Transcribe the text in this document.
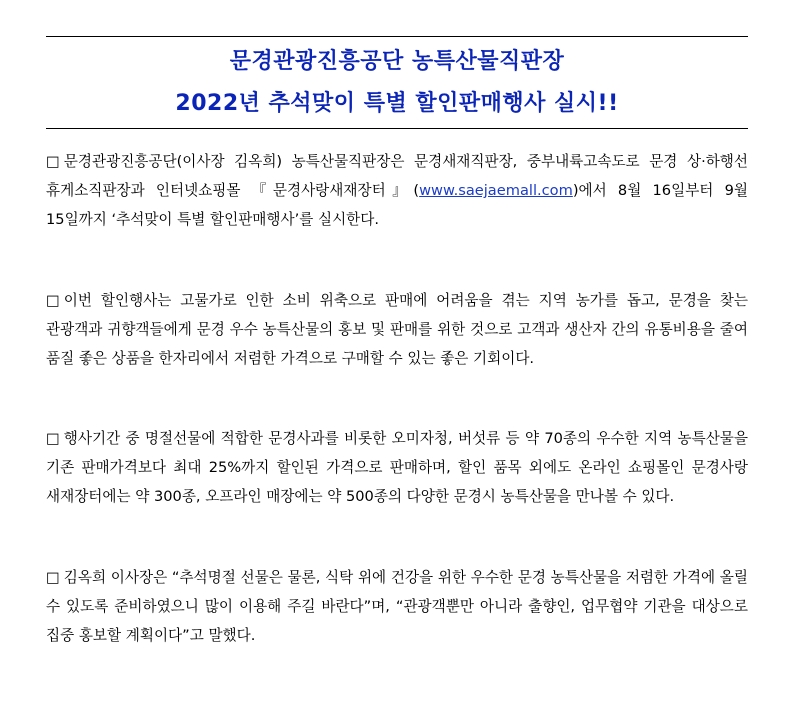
문경관광진흥공단 농특산물직판장
2022년 추석맞이 특별 할인판매행사 실시!!
□ 문경관광진흥공단(이사장 김옥희) 농특산물직판장은 문경새재직판장, 중부내륙고속도로 문경 상·하행선 휴게소직판장과 인터넷쇼핑몰 『문경사랑새재장터』(www.saejaemall.com)에서 8월 16일부터 9월 15일까지 ‘추석맞이 특별 할인판매행사’를 실시한다.
□ 이번 할인행사는 고물가로 인한 소비 위축으로 판매에 어려움을 겪는 지역 농가를 돕고, 문경을 찾는 관광객과 귀향객들에게 문경 우수 농특산물의 홍보 및 판매를 위한 것으로 고객과 생산자 간의 유통비용을 줄여 품질 좋은 상품을 한자리에서 저렴한 가격으로 구매할 수 있는 좋은 기회이다.
□ 행사기간 중 명절선물에 적합한 문경사과를 비롯한 오미자청, 버섯류 등 약 70종의 우수한 지역 농특산물을 기존 판매가격보다 최대 25%까지 할인된 가격으로 판매하며, 할인 품목 외에도 온라인 쇼핑몰인 문경사랑 새재장터에는 약 300종, 오프라인 매장에는 약 500종의 다양한 문경시 농특산물을 만나볼 수 있다.
□ 김옥희 이사장은 “추석명절 선물은 물론, 식탁 위에 건강을 위한 우수한 문경 농특산물을 저렴한 가격에 올릴 수 있도록 준비하였으니 많이 이용해 주길 바란다”며, “관광객뿐만 아니라 출향인, 업무협약 기관을 대상으로 집중 홍보할 계획이다”고 말했다.
